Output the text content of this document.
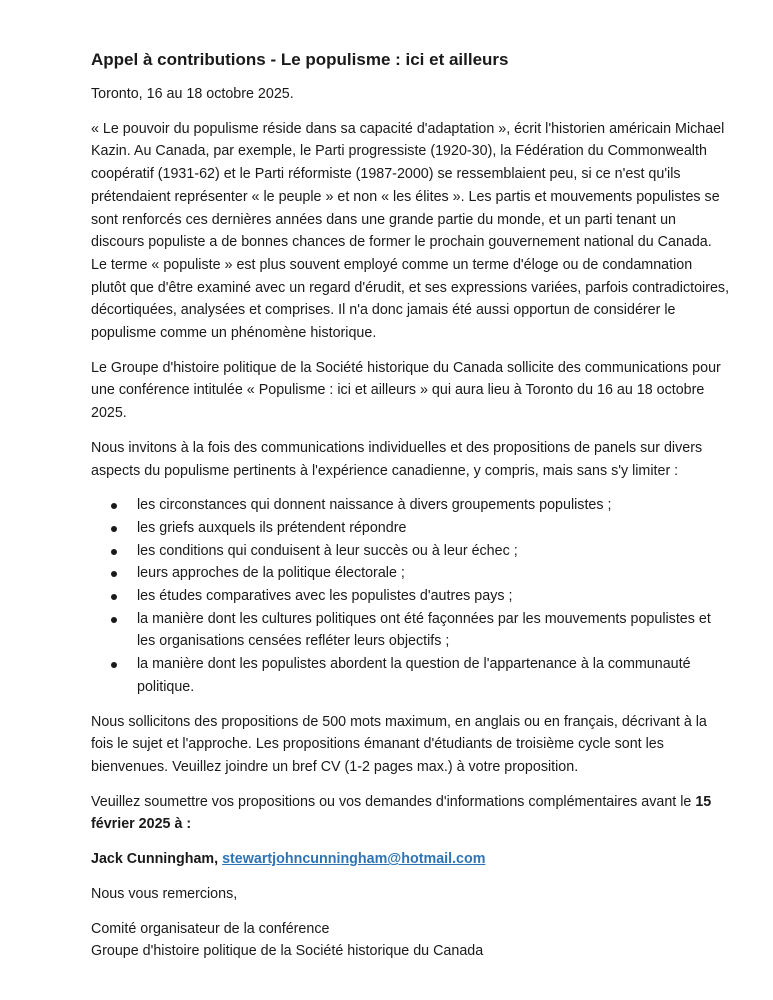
Appel à contributions - Le populisme : ici et ailleurs

Toronto, 16 au 18 octobre 2025.

« Le pouvoir du populisme réside dans sa capacité d'adaptation », écrit l'historien américain Michael Kazin. Au Canada, par exemple, le Parti progressiste (1920-30), la Fédération du Commonwealth coopératif (1931-62) et le Parti réformiste (1987-2000) se ressemblaient peu, si ce n'est qu'ils prétendaient représenter « le peuple » et non « les élites ». Les partis et mouvements populistes se sont renforcés ces dernières années dans une grande partie du monde, et un parti tenant un discours populiste a de bonnes chances de former le prochain gouvernement national du Canada. Le terme « populiste » est plus souvent employé comme un terme d'éloge ou de condamnation plutôt que d'être examiné avec un regard d'érudit, et ses expressions variées, parfois contradictoires, décortiquées, analysées et comprises. Il n'a donc jamais été aussi opportun de considérer le populisme comme un phénomène historique.

Le Groupe d'histoire politique de la Société historique du Canada sollicite des communications pour une conférence intitulée « Populisme : ici et ailleurs » qui aura lieu à Toronto du 16 au 18 octobre 2025.

Nous invitons à la fois des communications individuelles et des propositions de panels sur divers aspects du populisme pertinents à l'expérience canadienne, y compris, mais sans s'y limiter :

les circonstances qui donnent naissance à divers groupements populistes ;
les griefs auxquels ils prétendent répondre
les conditions qui conduisent à leur succès ou à leur échec ;
leurs approches de la politique électorale ;
les études comparatives avec les populistes d'autres pays ;
la manière dont les cultures politiques ont été façonnées par les mouvements populistes et les organisations censées refléter leurs objectifs ;
la manière dont les populistes abordent la question de l'appartenance à la communauté politique.

Nous sollicitons des propositions de 500 mots maximum, en anglais ou en français, décrivant à la fois le sujet et l'approche. Les propositions émanant d'étudiants de troisième cycle sont les bienvenues. Veuillez joindre un bref CV (1-2 pages max.) à votre proposition.

Veuillez soumettre vos propositions ou vos demandes d'informations complémentaires avant le 15 février 2025 à :

Jack Cunningham, stewartjohncunningham@hotmail.com

Nous vous remercions,

Comité organisateur de la conférence
Groupe d'histoire politique de la Société historique du Canada
